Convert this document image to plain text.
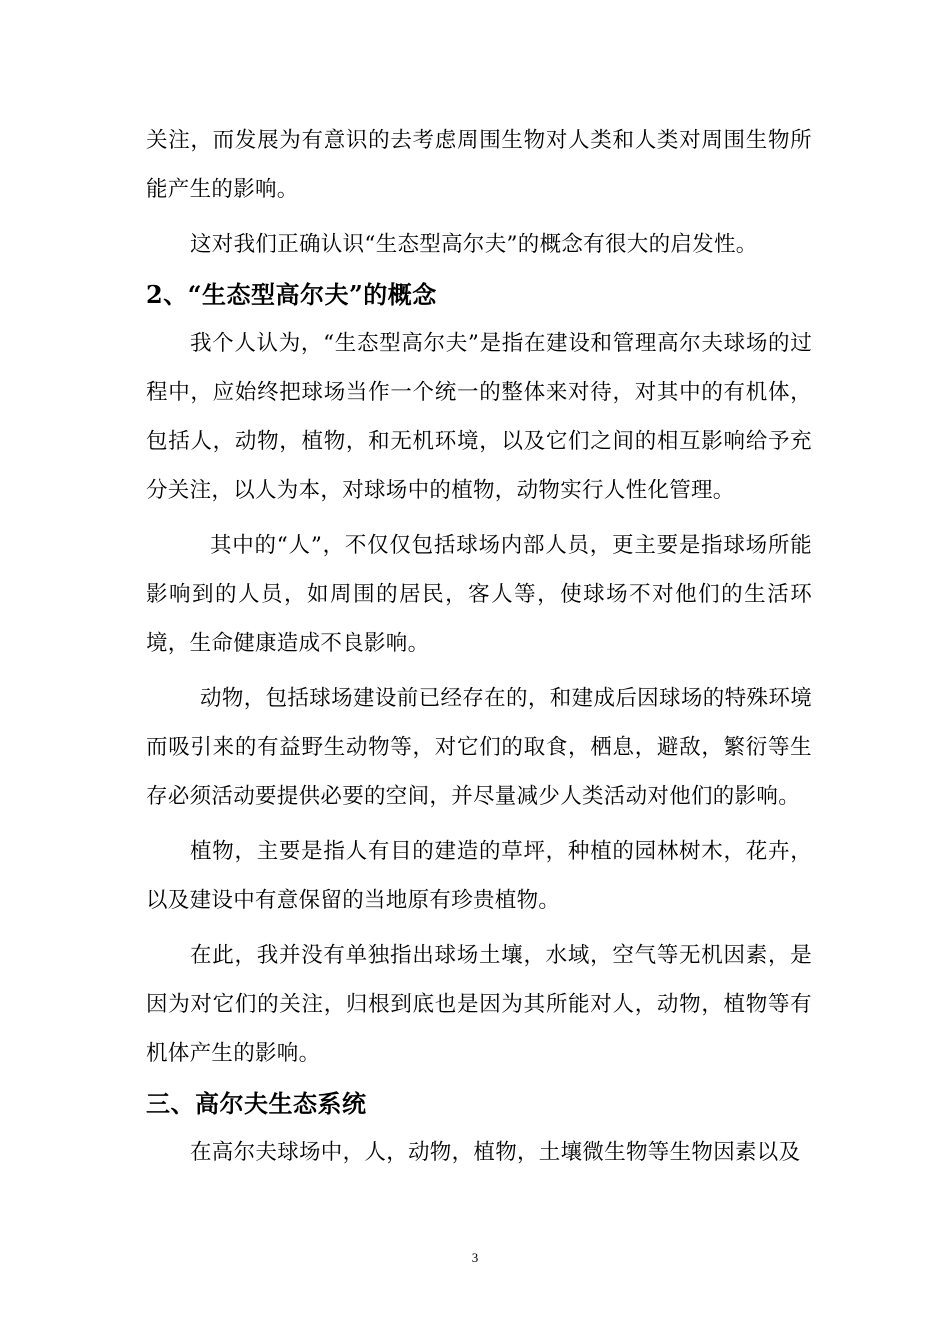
关注，而发展为有意识的去考虑周围生物对人类和人类对周围生物所能产生的影响。

这对我们正确认识“生态型高尔夫”的概念有很大的启发性。

2、“生态型高尔夫”的概念

我个人认为，“生态型高尔夫”是指在建设和管理高尔夫球场的过程中，应始终把球场当作一个统一的整体来对待，对其中的有机体，包括人，动物，植物，和无机环境，以及它们之间的相互影响给予充分关注，以人为本，对球场中的植物，动物实行人性化管理。

其中的“人”，不仅仅包括球场内部人员，更主要是指球场所能影响到的人员，如周围的居民，客人等，使球场不对他们的生活环境，生命健康造成不良影响。

动物，包括球场建设前已经存在的，和建成后因球场的特殊环境而吸引来的有益野生动物等，对它们的取食，栖息，避敌，繁衍等生存必须活动要提供必要的空间，并尽量减少人类活动对他们的影响。

植物，主要是指人有目的建造的草坪，种植的园林树木，花卉，以及建设中有意保留的当地原有珍贵植物。

在此，我并没有单独指出球场土壤，水域，空气等无机因素，是因为对它们的关注，归根到底也是因为其所能对人，动物，植物等有机体产生的影响。

三、高尔夫生态系统

在高尔夫球场中，人，动物，植物，土壤微生物等生物因素以及

3
